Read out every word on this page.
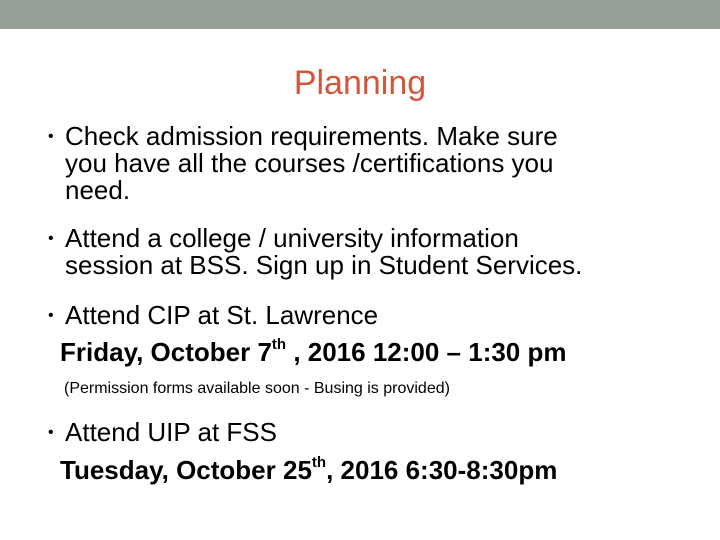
Planning
• Check admission requirements. Make sure
you have all the courses /certifications you
need.
• Attend a college / university information
session at BSS. Sign up in Student Services.
• Attend CIP at St. Lawrence
Friday, October 7th , 2016 12:00 – 1:30 pm
(Permission forms available soon - Busing is provided)
• Attend UIP at FSS
Tuesday, October 25th, 2016 6:30-8:30pm
